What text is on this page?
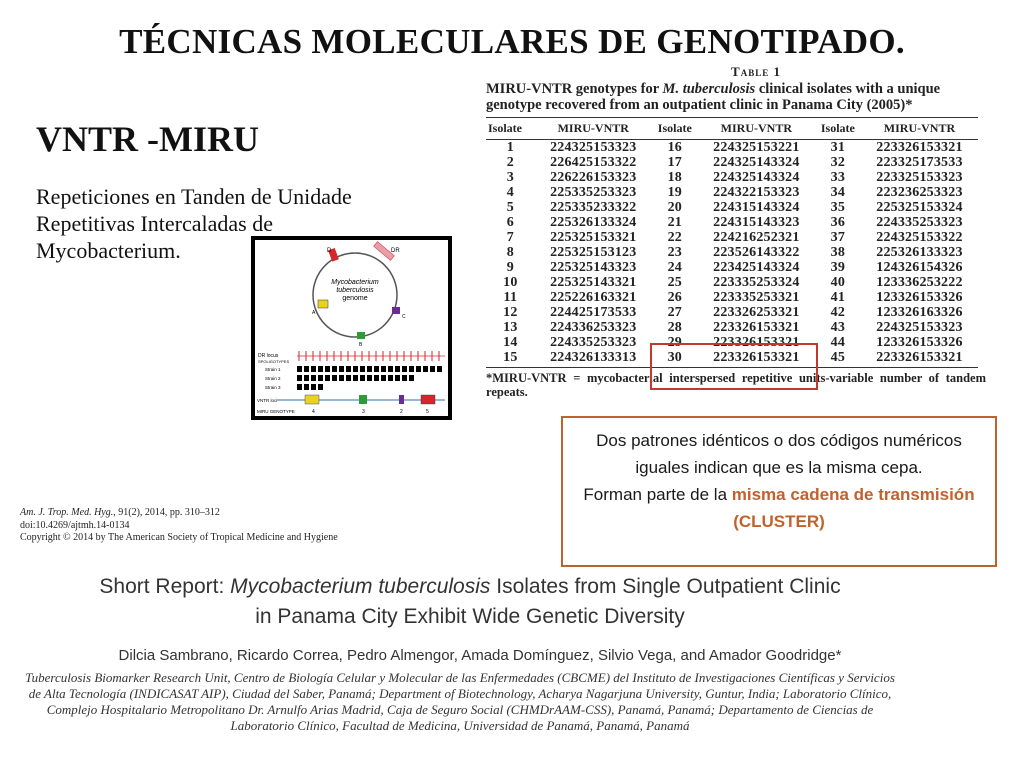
TÉCNICAS MOLECULARES DE GENOTIPADO.
VNTR -MIRU
Repeticiones en Tanden de Unidade Repetitivas Intercaladas de Mycobacterium.
Table 1
MIRU-VNTR genotypes for M. tuberculosis clinical isolates with a unique genotype recovered from an outpatient clinic in Panama City (2005)*
Isolate	MIRU-VNTR	Isolate	MIRU-VNTR	Isolate	MIRU-VNTR
1	224325153323	16	224325153221	31	223326153321
2	226425153322	17	224325143324	32	223325173533
3	226226153323	18	224325143324	33	223325153323
4	225335253323	19	224322153323	34	223236253323
5	225335233322	20	224315143324	35	225325153324
6	225326133324	21	224315143323	36	224335253323
7	225325153321	22	224216252321	37	224325153322
8	225325153123	23	223526143322	38	225326133323
9	225325143323	24	223425143324	39	124326154326
10	225325143321	25	223335253324	40	123336253222
11	225226163321	26	223335253321	41	123326153326
12	224425173533	27	223326253321	42	123326163326
13	224336253323	28	223326153321	43	224325153323
14	224335253323	29	223326153321	44	123326153326
15	224326133313	30	223326153321	45	223326153321
*MIRU-VNTR = mycobacterial interspersed repetitive units-variable number of tandem repeats.
D	DR
Mycobacterium
tuberculosis
genome
A
C
B
DR locus
SPOLIGOTYPES
Strain 1
Strain 2
Strain 3
VNTR loci
MIRU GENOTYPE	4	3	2	5
Dos patrones idénticos o dos códigos numéricos iguales indican que es la misma cepa.
Forman parte de la misma cadena de transmisión (CLUSTER)
Am. J. Trop. Med. Hyg., 91(2), 2014, pp. 310–312
doi:10.4269/ajtmh.14-0134
Copyright © 2014 by The American Society of Tropical Medicine and Hygiene
Short Report: Mycobacterium tuberculosis Isolates from Single Outpatient Clinic
in Panama City Exhibit Wide Genetic Diversity
Dilcia Sambrano, Ricardo Correa, Pedro Almengor, Amada Domínguez, Silvio Vega, and Amador Goodridge*
Tuberculosis Biomarker Research Unit, Centro de Biología Celular y Molecular de las Enfermedades (CBCME) del Instituto de Investigaciones Científicas y Servicios de Alta Tecnología (INDICASAT AIP), Ciudad del Saber, Panamá; Department of Biotechnology, Acharya Nagarjuna University, Guntur, India; Laboratorio Clínico, Complejo Hospitalario Metropolitano Dr. Arnulfo Arias Madrid, Caja de Seguro Social (CHMDrAAM-CSS), Panamá, Panamá; Departamento de Ciencias de Laboratorio Clínico, Facultad de Medicina, Universidad de Panamá, Panamá, Panamá
